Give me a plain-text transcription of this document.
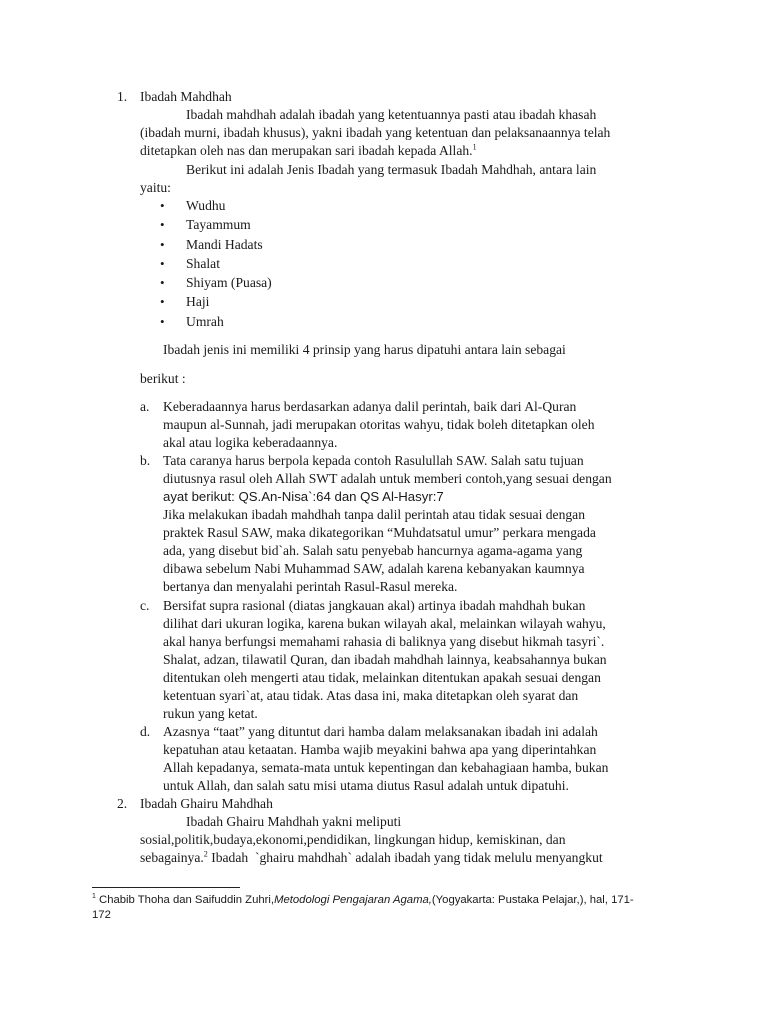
1. Ibadah Mahdhah
Ibadah mahdhah adalah ibadah yang ketentuannya pasti atau ibadah khasah
(ibadah murni, ibadah khusus), yakni ibadah yang ketentuan dan pelaksanaannya telah
ditetapkan oleh nas dan merupakan sari ibadah kepada Allah.$^1$
Berikut ini adalah Jenis Ibadah yang termasuk Ibadah Mahdhah, antara lain
yaitu:
• Wudhu
• Tayammum
• Mandi Hadats
• Shalat
• Shiyam (Puasa)
• Haji
• Umrah
Ibadah jenis ini memiliki 4 prinsip yang harus dipatuhi antara lain sebagai
berikut :
a. Keberadaannya harus berdasarkan adanya dalil perintah, baik dari Al-Quran
maupun al-Sunnah, jadi merupakan otoritas wahyu, tidak boleh ditetapkan oleh
akal atau logika keberadaannya.
b. Tata caranya harus berpola kepada contoh Rasulullah SAW. Salah satu tujuan
diutusnya rasul oleh Allah SWT adalah untuk memberi contoh,yang sesuai dengan
ayat berikut: QS.An-Nisa`:64 dan QS Al-Hasyr:7
Jika melakukan ibadah mahdhah tanpa dalil perintah atau tidak sesuai dengan
praktek Rasul SAW, maka dikategorikan “Muhdatsatul umur” perkara mengada
ada, yang disebut bid`ah. Salah satu penyebab hancurnya agama-agama yang
dibawa sebelum Nabi Muhammad SAW, adalah karena kebanyakan kaumnya
bertanya dan menyalahi perintah Rasul-Rasul mereka.
c. Bersifat supra rasional (diatas jangkauan akal) artinya ibadah mahdhah bukan
dilihat dari ukuran logika, karena bukan wilayah akal, melainkan wilayah wahyu,
akal hanya berfungsi memahami rahasia di baliknya yang disebut hikmah tasyri`.
Shalat, adzan, tilawatil Quran, dan ibadah mahdhah lainnya, keabsahannya bukan
ditentukan oleh mengerti atau tidak, melainkan ditentukan apakah sesuai dengan
ketentuan syari`at, atau tidak. Atas dasa ini, maka ditetapkan oleh syarat dan
rukun yang ketat.
d. Azasnya “taat” yang dituntut dari hamba dalam melaksanakan ibadah ini adalah
kepatuhan atau ketaatan. Hamba wajib meyakini bahwa apa yang diperintahkan
Allah kepadanya, semata-mata untuk kepentingan dan kebahagiaan hamba, bukan
untuk Allah, dan salah satu misi utama diutus Rasul adalah untuk dipatuhi.
2. Ibadah Ghairu Mahdhah
Ibadah Ghairu Mahdhah yakni meliputi
sosial,politik,budaya,ekonomi,pendidikan, lingkungan hidup, kemiskinan, dan
sebagainya.$^2$ Ibadah  `ghairu mahdhah` adalah ibadah yang tidak melulu menyangkut
$^1$ Chabib Thoha dan Saifuddin Zuhri,Metodologi Pengajaran Agama,(Yogyakarta: Pustaka Pelajar,), hal, 171-
172
